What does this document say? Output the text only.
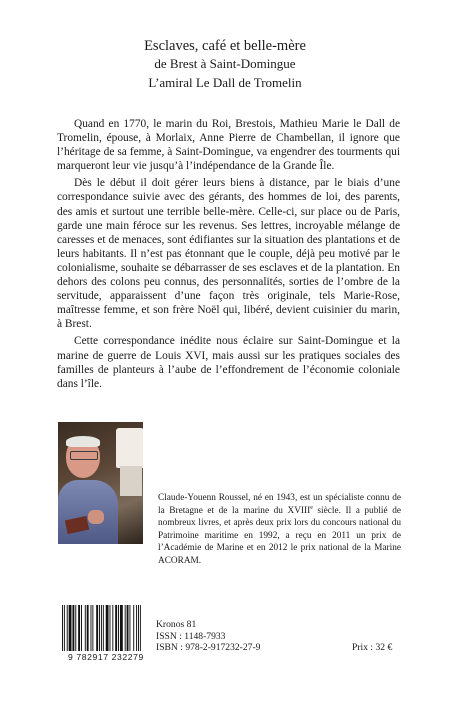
Esclaves, café et belle-mère
de Brest à Saint-Domingue
L’amiral Le Dall de Tromelin

Quand en 1770, le marin du Roi, Brestois, Mathieu Marie le Dall de Tromelin, épouse, à Morlaix, Anne Pierre de Chambellan, il ignore que l’héritage de sa femme, à Saint-Domingue, va engendrer des tourments qui marqueront leur vie jusqu’à l’indépendance de la Grande Île.

Dès le début il doit gérer leurs biens à distance, par le biais d’une correspondance suivie avec des gérants, des hommes de loi, des parents, des amis et surtout une terrible belle-mère. Celle-ci, sur place ou de Paris, garde une main féroce sur les revenus. Ses lettres, incroyable mélange de caresses et de menaces, sont édifiantes sur la situation des plantations et de leurs habitants. Il n’est pas étonnant que le couple, déjà peu motivé par le colonialisme, souhaite se débarrasser de ses esclaves et de la plantation. En dehors des colons peu connus, des personnalités, sorties de l’ombre de la servitude, apparaissent d’une façon très originale, tels Marie-Rose, maîtresse femme, et son frère Noël qui, libéré, devient cuisinier du marin, à Brest.

Cette correspondance inédite nous éclaire sur Saint-Domingue et la marine de guerre de Louis XVI, mais aussi sur les pratiques sociales des familles de planteurs à l’aube de l’effondrement de l’économie coloniale dans l’île.

Claude-Youenn Roussel, né en 1943, est un spécialiste connu de la Bretagne et de la marine du XVIIIe siècle. Il a publié de nombreux livres, et après deux prix lors du concours national du Patrimoine maritime en 1992, a reçu en 2011 un prix de l’Académie de Marine et en 2012 le prix national de la Marine ACORAM.
9 782917 232279
Kronos 81
ISSN : 1148-7933
ISBN : 978-2-917232-27-9	Prix : 32 €
